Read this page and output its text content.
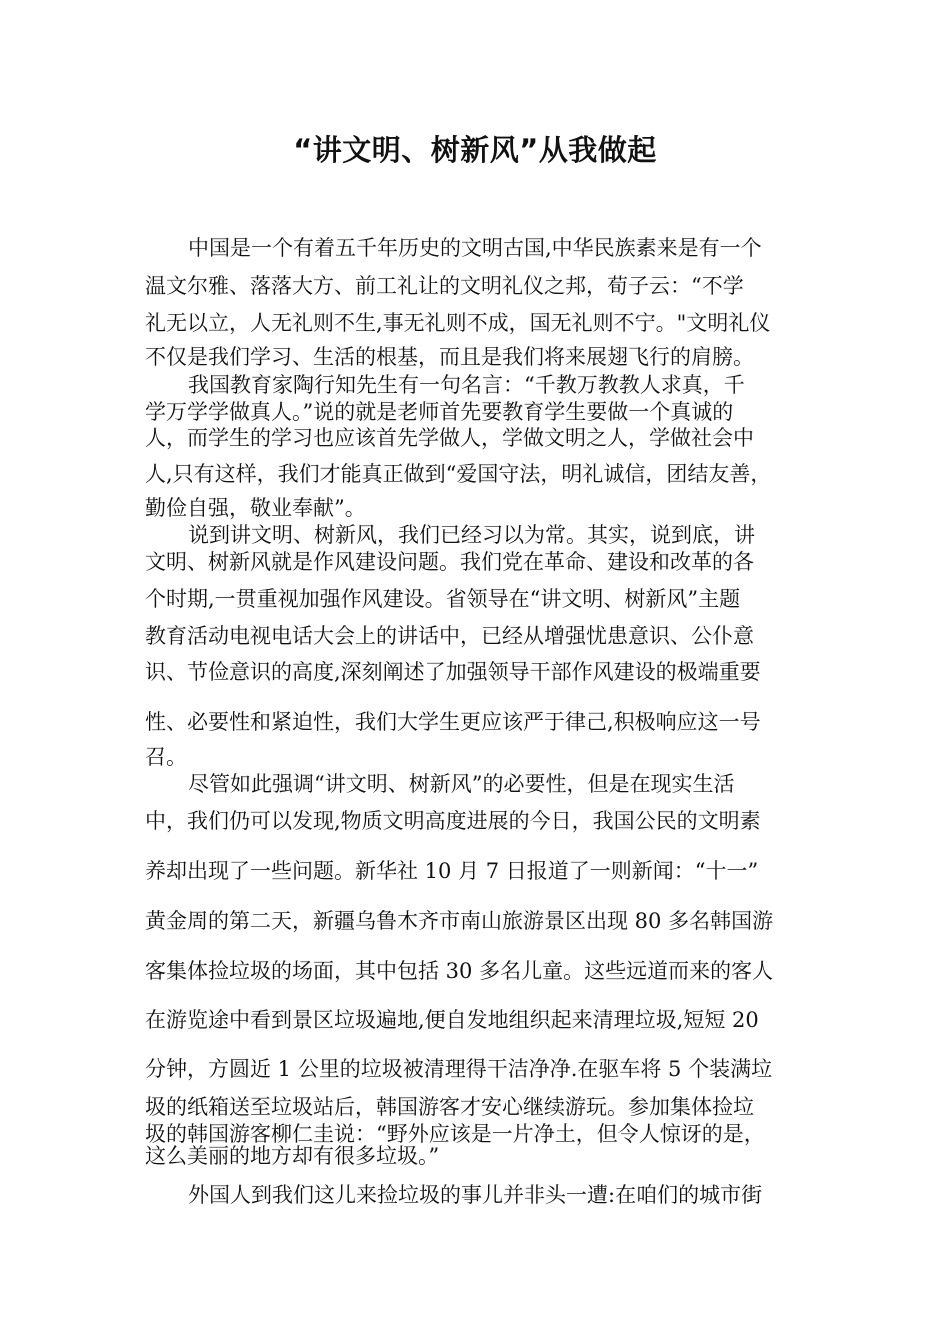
“讲文明、树新风”从我做起

中国是一个有着五千年历史的文明古国,中华民族素来是有一个

温文尔雅、落落大方、前工礼让的文明礼仪之邦，荀子云：“不学

礼无以立，人无礼则不生,事无礼则不成，国无礼则不宁。"文明礼仪

不仅是我们学习、生活的根基，而且是我们将来展翅飞行的肩膀。

我国教育家陶行知先生有一句名言：“千教万教教人求真，千

学万学学做真人。”说的就是老师首先要教育学生要做一个真诚的

人，而学生的学习也应该首先学做人，学做文明之人，学做社会中

人,只有这样，我们才能真正做到“爱国守法，明礼诚信，团结友善，

勤俭自强，敬业奉献”。

说到讲文明、树新风，我们已经习以为常。其实，说到底，讲

文明、树新风就是作风建设问题。我们党在革命、建设和改革的各

个时期,一贯重视加强作风建设。省领导在“讲文明、树新风”主题

教育活动电视电话大会上的讲话中，已经从增强忧患意识、公仆意

识、节俭意识的高度,深刻阐述了加强领导干部作风建设的极端重要

性、必要性和紧迫性，我们大学生更应该严于律己,积极响应这一号

召。

尽管如此强调“讲文明、树新风”的必要性，但是在现实生活

中，我们仍可以发现,物质文明高度进展的今日，我国公民的文明素

养却出现了一些问题。新华社 10 月 7 日报道了一则新闻：“十一”

黄金周的第二天，新疆乌鲁木齐市南山旅游景区出现 80 多名韩国游

客集体捡垃圾的场面，其中包括 30 多名儿童。这些远道而来的客人

在游览途中看到景区垃圾遍地,便自发地组织起来清理垃圾,短短 20

分钟，方圆近 1 公里的垃圾被清理得干洁净净.在驱车将 5 个装满垃

圾的纸箱送至垃圾站后，韩国游客才安心继续游玩。参加集体捡垃

圾的韩国游客柳仁圭说：“野外应该是一片净土，但令人惊讶的是，

这么美丽的地方却有很多垃圾。”

外国人到我们这儿来捡垃圾的事儿并非头一遭:在咱们的城市街
